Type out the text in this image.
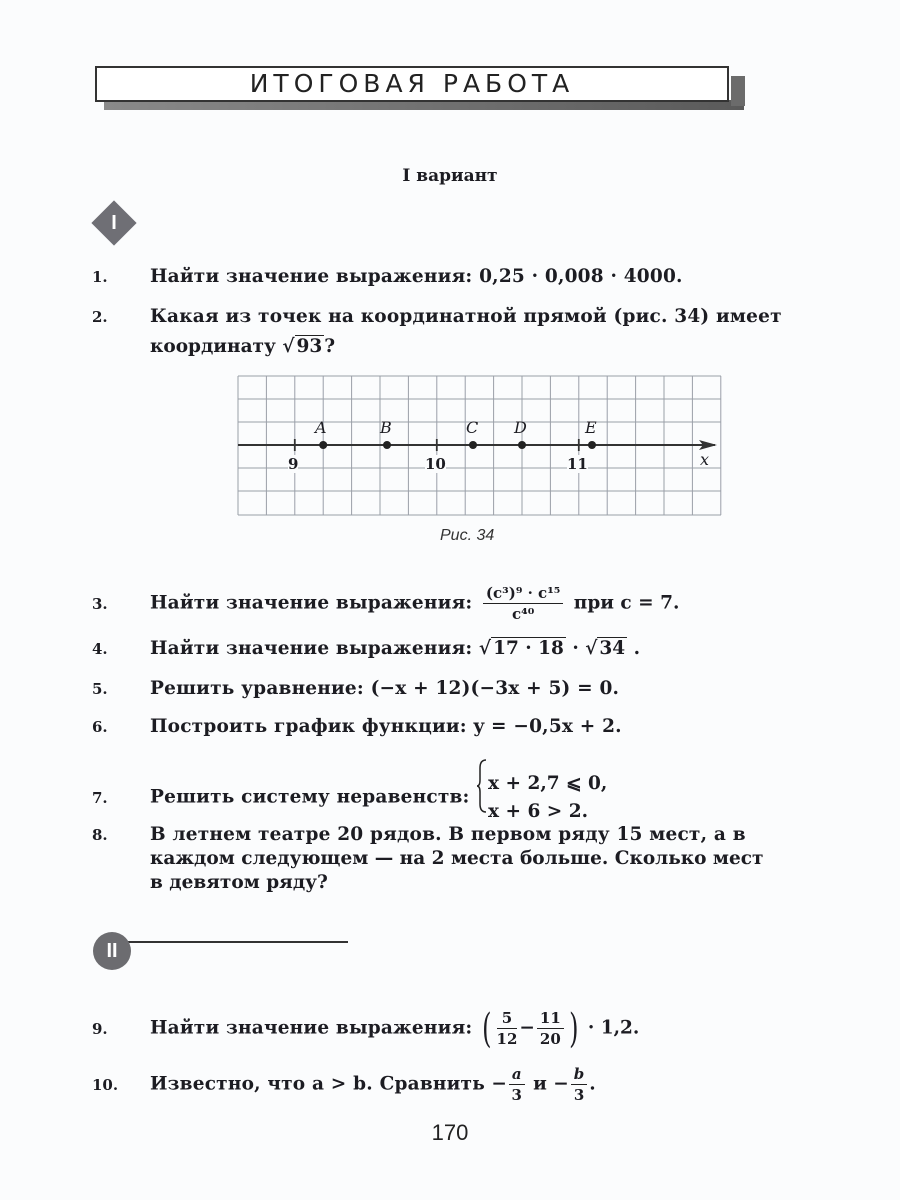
ИТОГОВАЯ РАБОТА
I вариант
I
1. Найти значение выражения: 0,25 · 0,008 · 4000.
2. Какая из точек на координатной прямой (рис. 34) имеет
координату √ 93 ?
A	B	C D	E
9	10	11	x
Рис. 34
3. Найти значение выражения: $\frac{\text{(c³)⁹ · c¹⁵}}{\text{c⁴⁰}}$ при c = 7.
4. Найти значение выражения: √ 17 · 18 · √ 34 .
5. Решить уравнение: (−x + 12)(−3x + 5) = 0.
6. Построить график функции: y = −0,5x + 2.
7. Решить систему неравенств:
x + 2,7 ⩽ 0,
x + 6 > 2.
8. В летнем театре 20 рядов. В первом ряду 15 мест, а в
каждом следующем — на 2 места больше. Сколько мест
в девятом ряду?
II
9. Найти значение выражения: ( $\frac{5}{12} - \frac{11}{20}$ ) · 1,2.
10. Известно, что a > b. Сравнить − $\frac{a}{3}$ $и - \frac{b}{3}$ .
170
